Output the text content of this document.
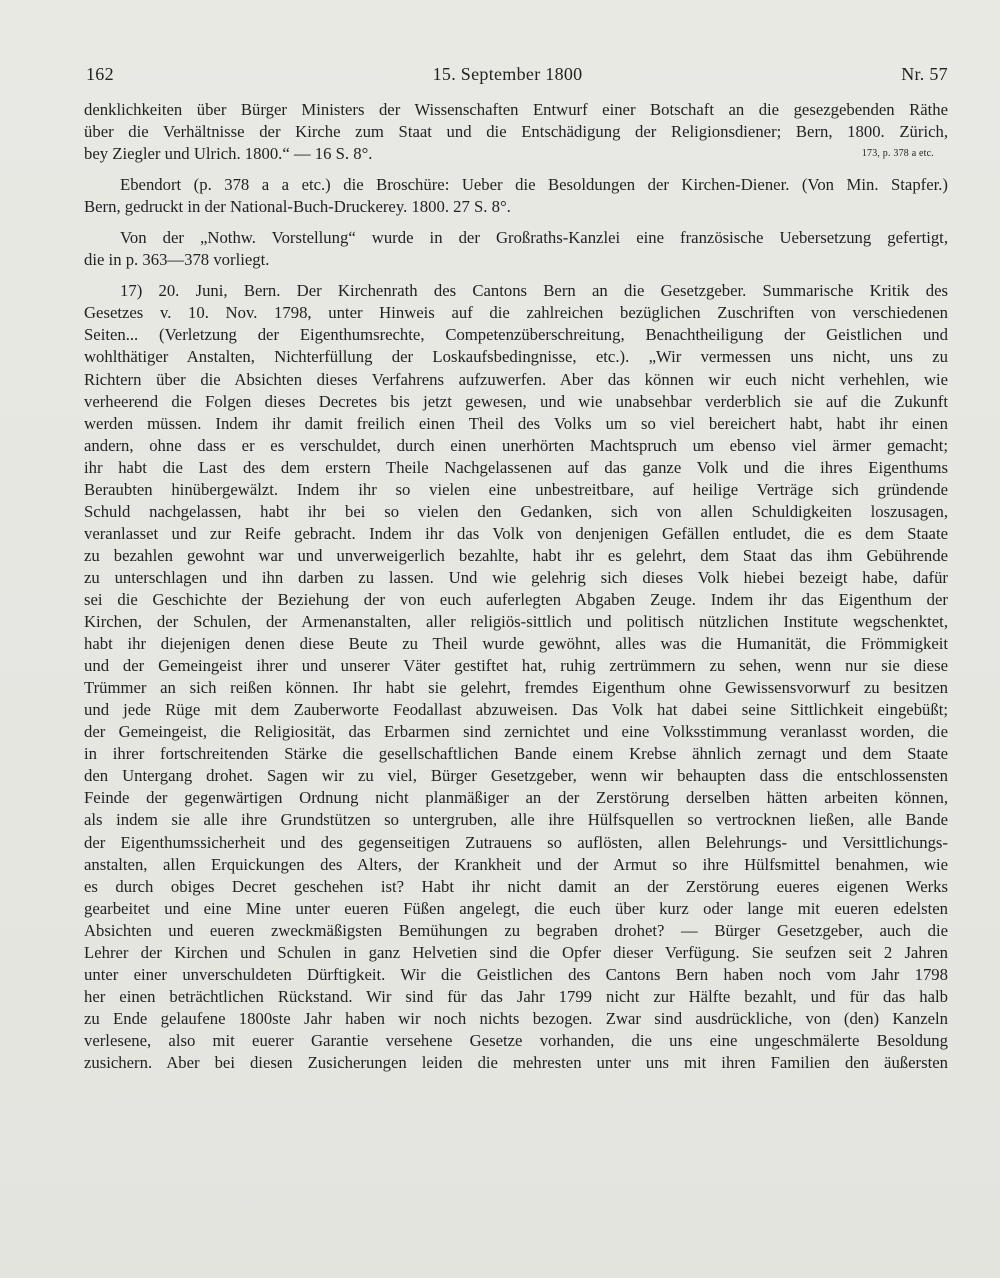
162	15. September 1800	Nr. 57
denklichkeiten über Bürger Ministers der Wissenschaften Entwurf einer Botschaft an die gesezgebenden Räthe
über die Verhältnisse der Kirche zum Staat und die Entschädigung der Religionsdiener; Bern, 1800. Zürich,
bey Ziegler und Ulrich. 1800.“ — 16 S. 8°.	173, p. 378 a etc.
Ebendort (p. 378 a a etc.) die Broschüre: Ueber die Besoldungen der Kirchen-Diener. (Von Min. Stapfer.)
Bern, gedruckt in der National-Buch-Druckerey. 1800. 27 S. 8°.
Von der „Nothw. Vorstellung“ wurde in der Großraths-Kanzlei eine französische Uebersetzung gefertigt,
die in p. 363—378 vorliegt.
17) 20. Juni, Bern. Der Kirchenrath des Cantons Bern an die Gesetzgeber. Summarische Kritik des
Gesetzes v. 10. Nov. 1798, unter Hinweis auf die zahlreichen bezüglichen Zuschriften von verschiedenen
Seiten... (Verletzung der Eigenthumsrechte, Competenzüberschreitung, Benachtheiligung der Geistlichen und
wohlthätiger Anstalten, Nichterfüllung der Loskaufsbedingnisse, etc.). „Wir vermessen uns nicht, uns zu
Richtern über die Absichten dieses Verfahrens aufzuwerfen. Aber das können wir euch nicht verhehlen, wie
verheerend die Folgen dieses Decretes bis jetzt gewesen, und wie unabsehbar verderblich sie auf die Zukunft
werden müssen. Indem ihr damit freilich einen Theil des Volks um so viel bereichert habt, habt ihr einen
andern, ohne dass er es verschuldet, durch einen unerhörten Machtspruch um ebenso viel ärmer gemacht;
ihr habt die Last des dem erstern Theile Nachgelassenen auf das ganze Volk und die ihres Eigenthums
Beraubten hinübergewälzt. Indem ihr so vielen eine unbestreitbare, auf heilige Verträge sich gründende
Schuld nachgelassen, habt ihr bei so vielen den Gedanken, sich von allen Schuldigkeiten loszusagen,
veranlasset und zur Reife gebracht. Indem ihr das Volk von denjenigen Gefällen entludet, die es dem Staate
zu bezahlen gewohnt war und unverweigerlich bezahlte, habt ihr es gelehrt, dem Staat das ihm Gebührende
zu unterschlagen und ihn darben zu lassen. Und wie gelehrig sich dieses Volk hiebei bezeigt habe, dafür
sei die Geschichte der Beziehung der von euch auferlegten Abgaben Zeuge. Indem ihr das Eigenthum der
Kirchen, der Schulen, der Armenanstalten, aller religiös-sittlich und politisch nützlichen Institute wegschenktet,
habt ihr diejenigen denen diese Beute zu Theil wurde gewöhnt, alles was die Humanität, die Frömmigkeit
und der Gemeingeist ihrer und unserer Väter gestiftet hat, ruhig zertrümmern zu sehen, wenn nur sie diese
Trümmer an sich reißen können. Ihr habt sie gelehrt, fremdes Eigenthum ohne Gewissensvorwurf zu besitzen
und jede Rüge mit dem Zauberworte Feodallast abzuweisen. Das Volk hat dabei seine Sittlichkeit eingebüßt;
der Gemeingeist, die Religiosität, das Erbarmen sind zernichtet und eine Volksstimmung veranlasst worden, die
in ihrer fortschreitenden Stärke die gesellschaftlichen Bande einem Krebse ähnlich zernagt und dem Staate
den Untergang drohet. Sagen wir zu viel, Bürger Gesetzgeber, wenn wir behaupten dass die entschlossensten
Feinde der gegenwärtigen Ordnung nicht planmäßiger an der Zerstörung derselben hätten arbeiten können,
als indem sie alle ihre Grundstützen so untergruben, alle ihre Hülfsquellen so vertrocknen ließen, alle Bande
der Eigenthumssicherheit und des gegenseitigen Zutrauens so auflösten, allen Belehrungs- und Versittlichungs-
anstalten, allen Erquickungen des Alters, der Krankheit und der Armut so ihre Hülfsmittel benahmen, wie
es durch obiges Decret geschehen ist? Habt ihr nicht damit an der Zerstörung eueres eigenen Werks
gearbeitet und eine Mine unter eueren Füßen angelegt, die euch über kurz oder lange mit eueren edelsten
Absichten und eueren zweckmäßigsten Bemühungen zu begraben drohet? — Bürger Gesetzgeber, auch die
Lehrer der Kirchen und Schulen in ganz Helvetien sind die Opfer dieser Verfügung. Sie seufzen seit 2 Jahren
unter einer unverschuldeten Dürftigkeit. Wir die Geistlichen des Cantons Bern haben noch vom Jahr 1798
her einen beträchtlichen Rückstand. Wir sind für das Jahr 1799 nicht zur Hälfte bezahlt, und für das halb
zu Ende gelaufene 1800ste Jahr haben wir noch nichts bezogen. Zwar sind ausdrückliche, von (den) Kanzeln
verlesene, also mit euerer Garantie versehene Gesetze vorhanden, die uns eine ungeschmälerte Besoldung
zusichern. Aber bei diesen Zusicherungen leiden die mehresten unter uns mit ihren Familien den äußersten
